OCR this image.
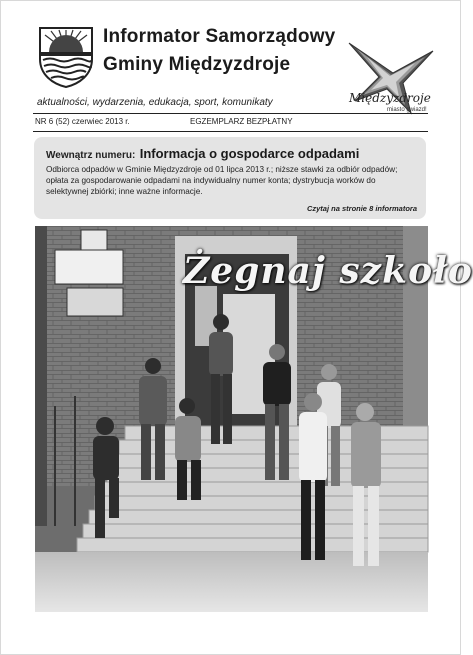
Informator Samorządowy
Gminy Międzyzdroje
Międzyzdroje
miasto gwiazd!
aktualności, wydarzenia, edukacja, sport, komunikaty
NR 6 (52) czerwiec 2013 r.	EGZEMPLARZ BEZPŁATNY
Wewnątrz numeru: Informacja o gospodarce odpadami
Odbiorca odpadów w Gminie Międzyzdroje od 01 lipca 2013 r.; niższe stawki za odbiór odpadów; opłata za gospodarowanie odpadami na indywidualny numer konta; dystrybucja worków do selektywnej zbiórki; inne ważne informacje.
Czytaj na stronie 8 informatora
Żegnaj szkoło
